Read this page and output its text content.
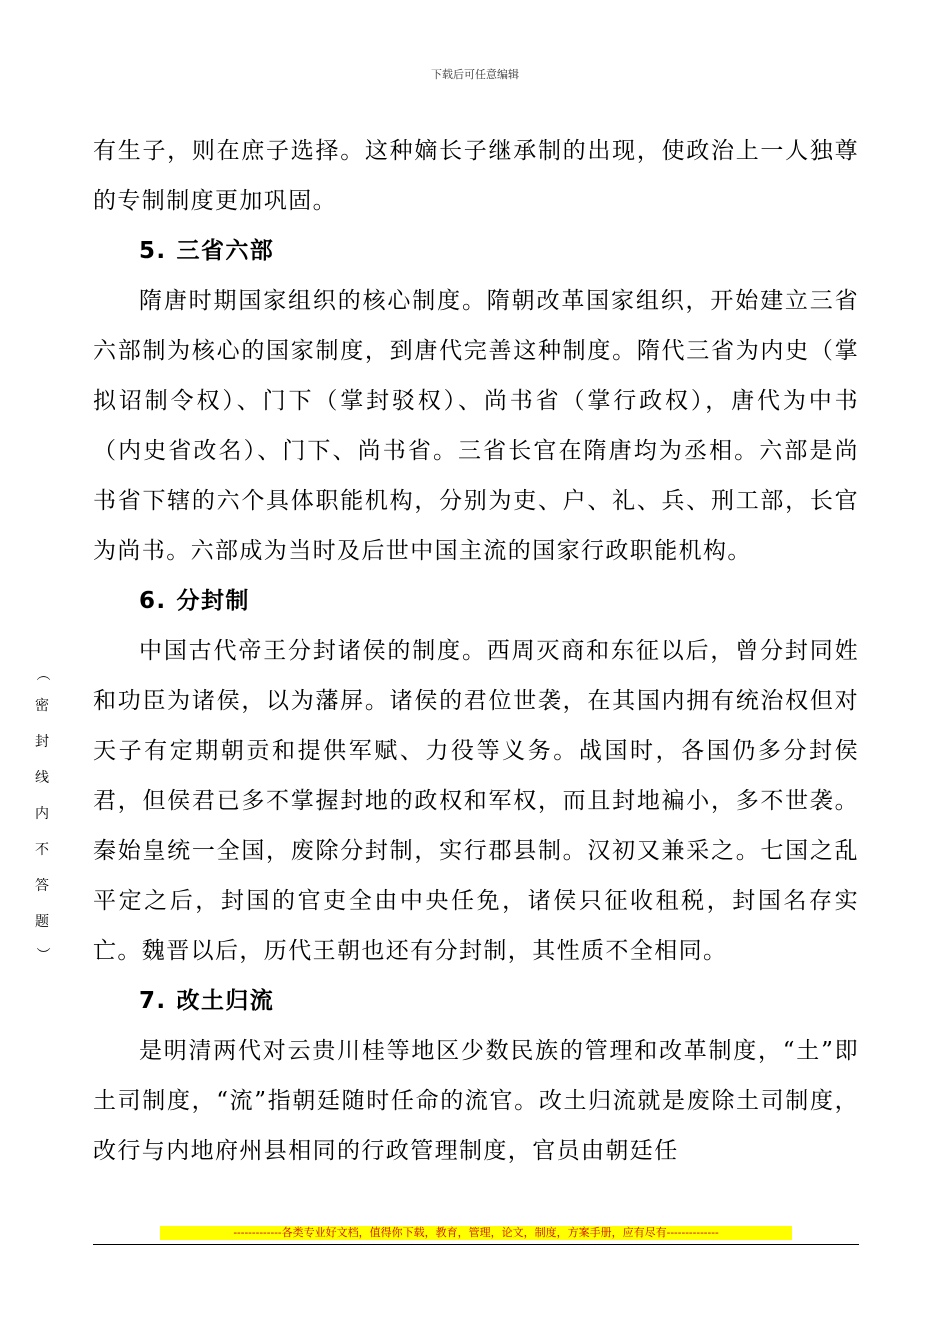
下载后可任意编辑

有生子，则在庶子选择。这种嫡长子继承制的出现，使政治上一人独尊的专制制度更加巩固。

5. 三省六部

隋唐时期国家组织的核心制度。隋朝改革国家组织，开始建立三省六部制为核心的国家制度，到唐代完善这种制度。隋代三省为内史（掌拟诏制令权）、门下（掌封驳权）、尚书省（掌行政权），唐代为中书（内史省改名）、门下、尚书省。三省长官在隋唐均为丞相。六部是尚书省下辖的六个具体职能机构，分别为吏、户、礼、兵、刑工部，长官为尚书。六部成为当时及后世中国主流的国家行政职能机构。

6. 分封制

中国古代帝王分封诸侯的制度。西周灭商和东征以后，曾分封同姓和功臣为诸侯，以为藩屏。诸侯的君位世袭，在其国内拥有统治权但对天子有定期朝贡和提供军赋、力役等义务。战国时，各国仍多分封侯君，但侯君已多不掌握封地的政权和军权，而且封地褊小，多不世袭。秦始皇统一全国，废除分封制，实行郡县制。汉初又兼采之。七国之乱平定之后，封国的官吏全由中央任免，诸侯只征收租税，封国名存实亡。魏晋以后，历代王朝也还有分封制，其性质不全相同。

7. 改土归流

是明清两代对云贵川桂等地区少数民族的管理和改革制度，“土”即土司制度，“流”指朝廷随时任命的流官。改土归流就是废除土司制度，改行与内地府州县相同的行政管理制度，官员由朝廷任

（
密
封
线
内
不
答
题
）
-------------各类专业好文档，值得你下载，教育，管理，论文，制度，方案手册，应有尽有--------------
